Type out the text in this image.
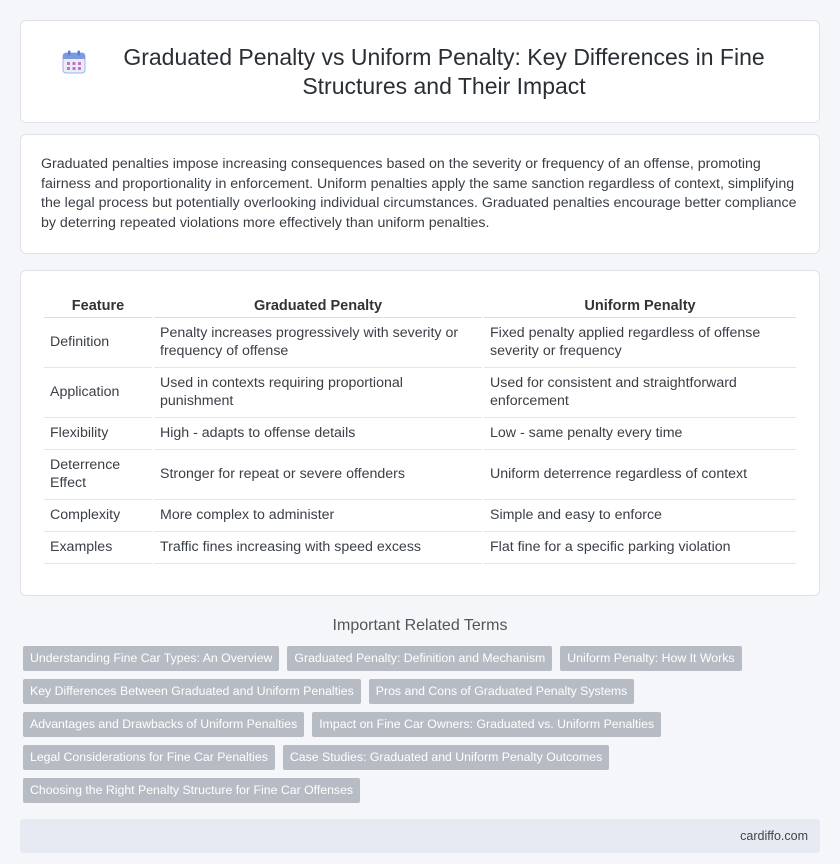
Graduated Penalty vs Uniform Penalty: Key Differences in Fine Structures and Their Impact

Graduated penalties impose increasing consequences based on the severity or frequency of an offense, promoting fairness and proportionality in enforcement. Uniform penalties apply the same sanction regardless of context, simplifying the legal process but potentially overlooking individual circumstances. Graduated penalties encourage better compliance by deterring repeated violations more effectively than uniform penalties.

Feature	Graduated Penalty	Uniform Penalty
Definition	Penalty increases progressively with severity or frequency of offense	Fixed penalty applied regardless of offense severity or frequency
Application	Used in contexts requiring proportional punishment	Used for consistent and straightforward enforcement
Flexibility	High - adapts to offense details	Low - same penalty every time
Deterrence Effect	Stronger for repeat or severe offenders	Uniform deterrence regardless of context
Complexity	More complex to administer	Simple and easy to enforce
Examples	Traffic fines increasing with speed excess	Flat fine for a specific parking violation
Important Related Terms
Understanding Fine Car Types: An Overview	Graduated Penalty: Definition and Mechanism	Uniform Penalty: How It Works
Key Differences Between Graduated and Uniform Penalties	Pros and Cons of Graduated Penalty Systems
Advantages and Drawbacks of Uniform Penalties	Impact on Fine Car Owners: Graduated vs. Uniform Penalties
Legal Considerations for Fine Car Penalties	Case Studies: Graduated and Uniform Penalty Outcomes
Choosing the Right Penalty Structure for Fine Car Offenses
cardiffo.com
